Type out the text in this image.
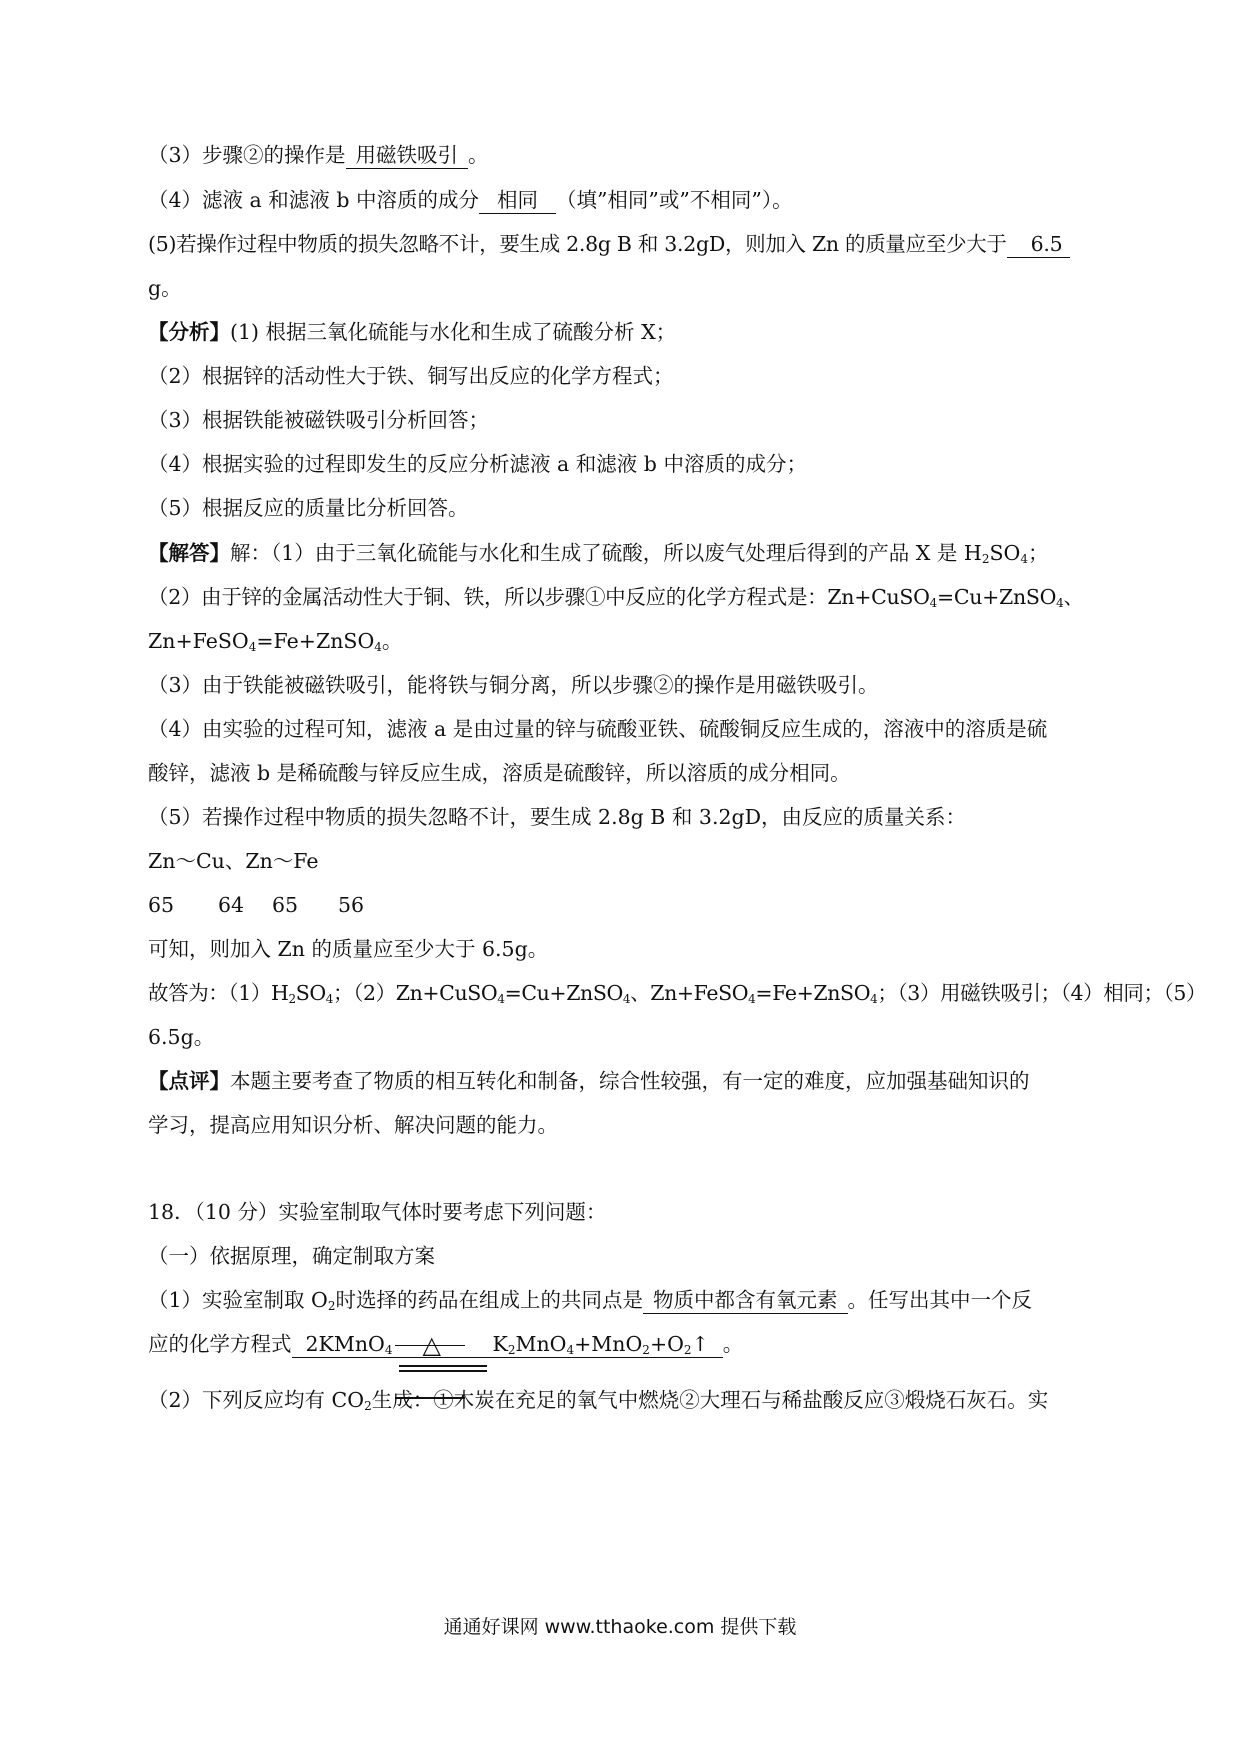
（3）步骤②的操作是 用磁铁吸引 。
（4）滤液 a 和滤液 b 中溶质的成分 相同 （填”相同”或”不相同”）。
(5)若操作过程中物质的损失忽略不计，要生成 2.8g B 和 3.2gD，则加入 Zn 的质量应至少大于 6.5
g。
【分析】(1) 根据三氧化硫能与水化和生成了硫酸分析 X；
（2）根据锌的活动性大于铁、铜写出反应的化学方程式；
（3）根据铁能被磁铁吸引分析回答；
（4）根据实验的过程即发生的反应分析滤液 a 和滤液 b 中溶质的成分；
（5）根据反应的质量比分析回答。
【解答】解：（1）由于三氧化硫能与水化和生成了硫酸，所以废气处理后得到的产品 X 是 $H_2SO_4$；
（2）由于锌的金属活动性大于铜、铁，所以步骤①中反应的化学方程式是：Zn+CuSO$_4$=Cu+ZnSO$_4$、
Zn+FeSO$_4$=Fe+ZnSO$_4$。
（3）由于铁能被磁铁吸引，能将铁与铜分离，所以步骤②的操作是用磁铁吸引。
（4）由实验的过程可知，滤液 a 是由过量的锌与硫酸亚铁、硫酸铜反应生成的，溶液中的溶质是硫
酸锌，滤液 b 是稀硫酸与锌反应生成，溶质是硫酸锌，所以溶质的成分相同。
（5）若操作过程中物质的损失忽略不计，要生成 2.8g B 和 3.2gD，由反应的质量关系：
Zn～Cu、Zn～Fe
65 64 65 56
可知，则加入 Zn 的质量应至少大于 6.5g。
故答为：$(1)H_2SO_4$；（2）Zn+CuSO$_4$=Cu+ZnSO$_4$、Zn+FeSO$_4$=Fe+ZnSO$_4$；（3）用磁铁吸引；（4）相同；（5）
6.5g。
【点评】本题主要考查了物质的相互转化和制备，综合性较强，有一定的难度，应加强基础知识的
学习，提高应用知识分析、解决问题的能力。
18．（10 分）实验室制取气体时要考虑下列问题：
（一）依据原理，确定制取方案
（1）实验室制取 $O_2$时选择的药品在组成上的共同点是 物质中都含有氧元素 。任写出其中一个反
应的化学方程式 2KMnO$_4$ △	$K_2MnO_4+MnO_2+O_2↑$ 。
（2）下列反应均有 $CO_2$生成：①木炭在充足的氧气中燃烧②大理石与稀盐酸反应③煅烧石灰石。实
通通好课网 www.tthaoke.com 提供下载
